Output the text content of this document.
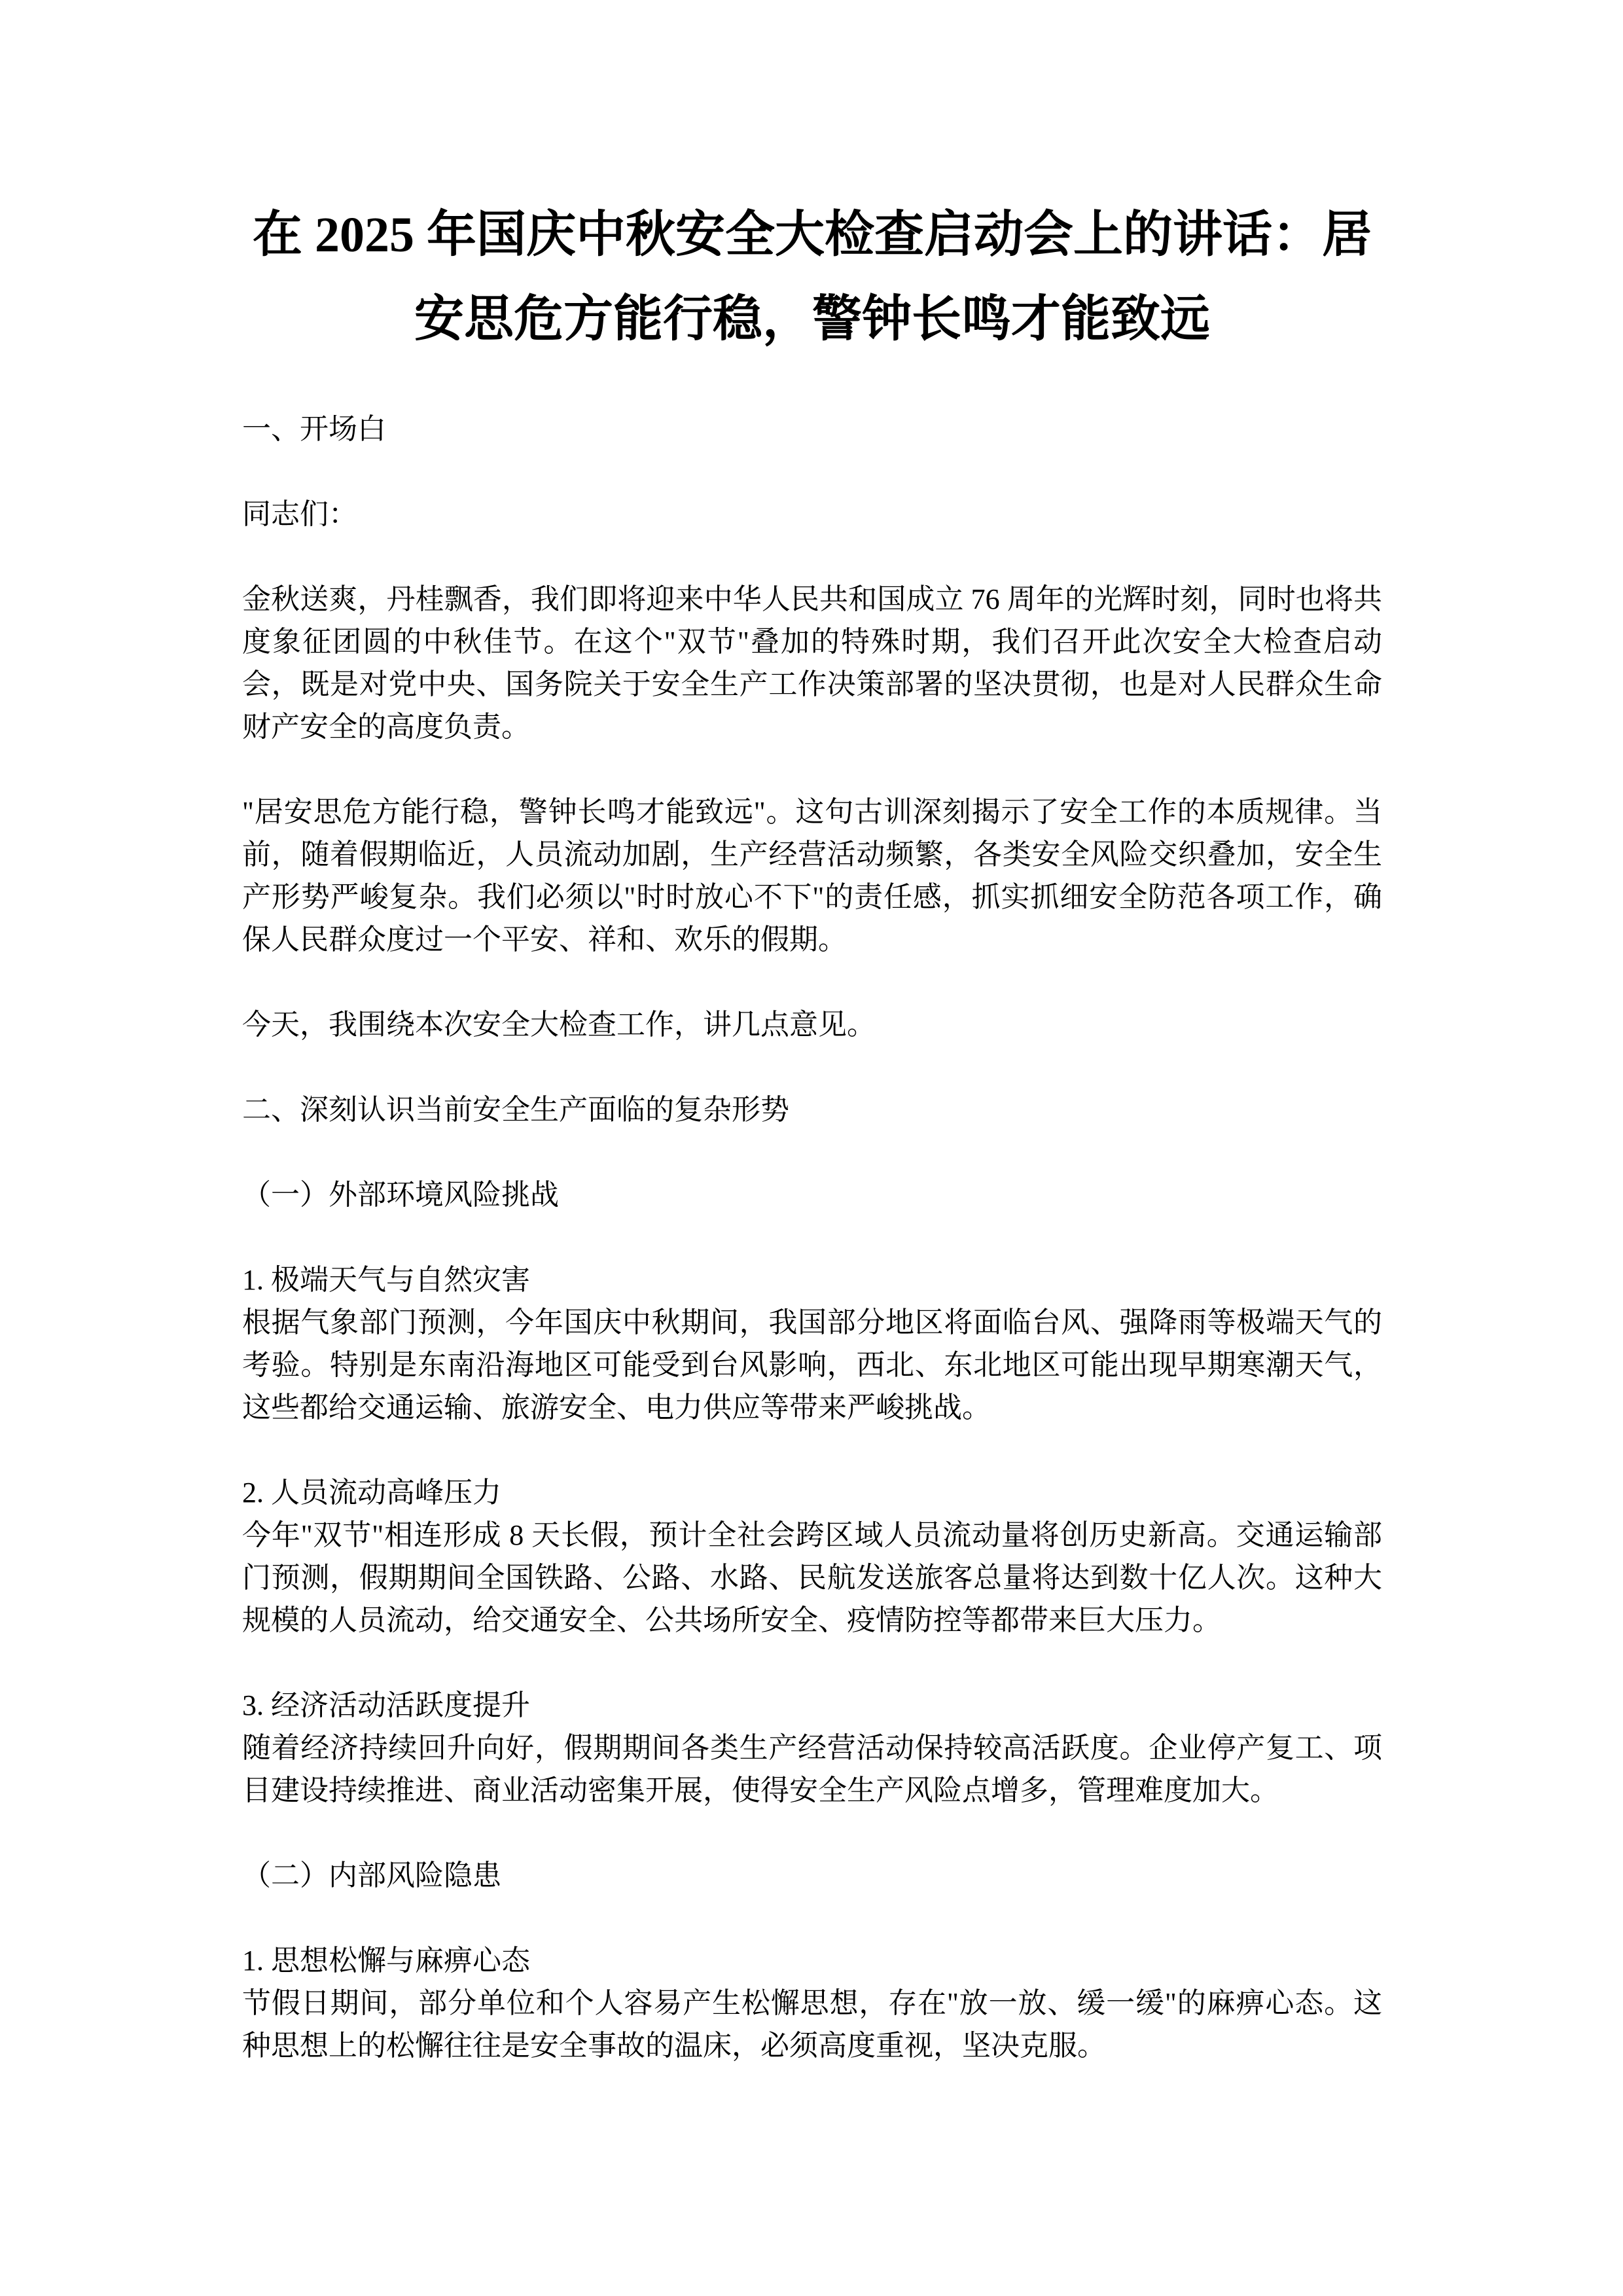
在 2025 年国庆中秋安全大检查启动会上的讲话：居
安思危方能行稳，警钟长鸣才能致远
一、开场白
同志们：
金秋送爽，丹桂飘香，我们即将迎来中华人民共和国成立 76 周年的光辉时刻，同时也将共度象征团圆的中秋佳节。在这个"双节"叠加的特殊时期，我们召开此次安全大检查启动会，既是对党中央、国务院关于安全生产工作决策部署的坚决贯彻，也是对人民群众生命财产安全的高度负责。
"居安思危方能行稳，警钟长鸣才能致远"。这句古训深刻揭示了安全工作的本质规律。当前，随着假期临近，人员流动加剧，生产经营活动频繁，各类安全风险交织叠加，安全生产形势严峻复杂。我们必须以"时时放心不下"的责任感，抓实抓细安全防范各项工作，确保人民群众度过一个平安、祥和、欢乐的假期。
今天，我围绕本次安全大检查工作，讲几点意见。
二、深刻认识当前安全生产面临的复杂形势
（一）外部环境风险挑战
1. 极端天气与自然灾害
根据气象部门预测，今年国庆中秋期间，我国部分地区将面临台风、强降雨等极端天气的考验。特别是东南沿海地区可能受到台风影响，西北、东北地区可能出现早期寒潮天气，这些都给交通运输、旅游安全、电力供应等带来严峻挑战。
2. 人员流动高峰压力
今年"双节"相连形成 8 天长假，预计全社会跨区域人员流动量将创历史新高。交通运输部门预测，假期期间全国铁路、公路、水路、民航发送旅客总量将达到数十亿人次。这种大规模的人员流动，给交通安全、公共场所安全、疫情防控等都带来巨大压力。
3. 经济活动活跃度提升
随着经济持续回升向好，假期期间各类生产经营活动保持较高活跃度。企业停产复工、项目建设持续推进、商业活动密集开展，使得安全生产风险点增多，管理难度加大。
（二）内部风险隐患
1. 思想松懈与麻痹心态
节假日期间，部分单位和个人容易产生松懈思想，存在"放一放、缓一缓"的麻痹心态。这种思想上的松懈往往是安全事故的温床，必须高度重视，坚决克服。
